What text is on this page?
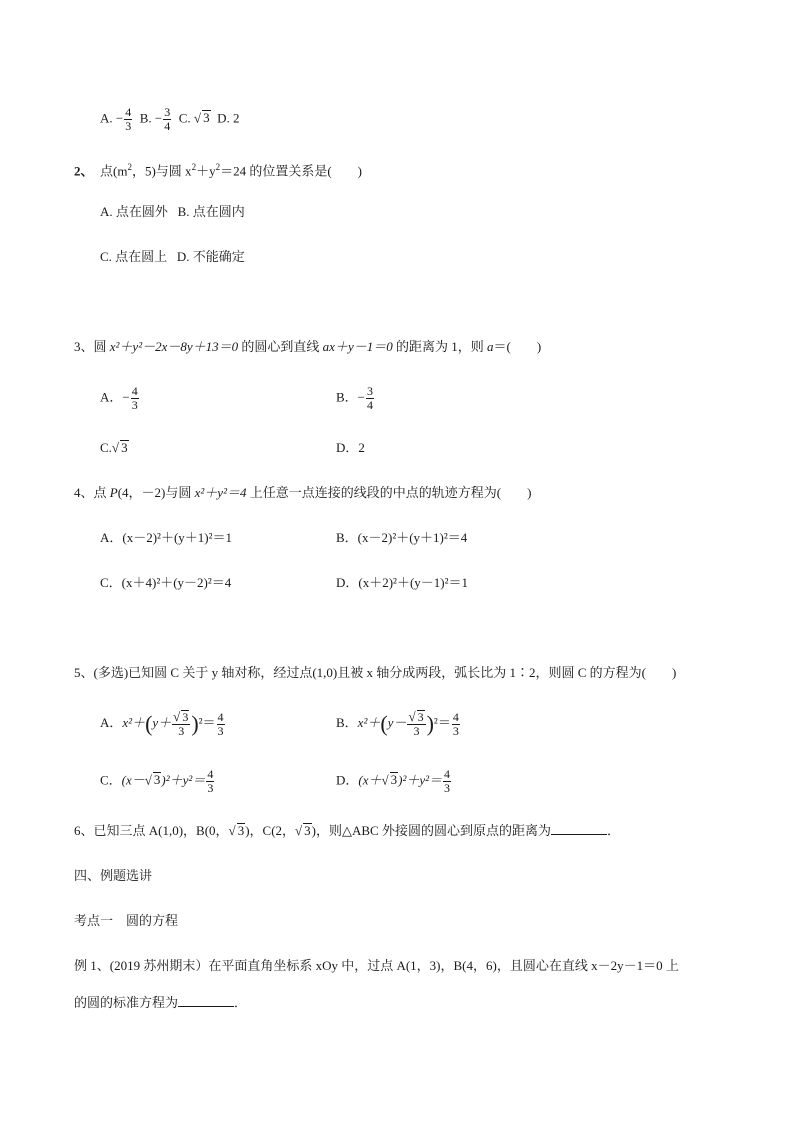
A. − $\frac{4}{3} B$. − $\frac{3}{4} C$. √ 3 D. 2
2、 点($m^2$，5)与圆 $x^2+y^2=24$ 的位置关系是(　　)
A. 点在圆外 B. 点在圆内
C. 点在圆上 D. 不能确定
3、圆 x²＋y²－2x－8y＋13＝0 的圆心到直线 ax＋y－1＝0 的距离为 1，则 a＝(　　)
A．− $\frac{4}{3}$	B．− $\frac{3}{4}$
C.√ 3	D．2
4、点 P(4，－2)与圆 x²＋y²＝4 上任意一点连接的线段的中点的轨迹方程为(　　)
A．(x－2)²＋(y＋1)²＝1	B．(x－2)²＋(y＋1)²＝4
C．(x＋4)²＋(y－2)²＝4	D．(x＋2)²＋(y－1)²＝1
5、(多选)已知圆 C 关于 y 轴对称，经过点(1,0)且被 x 轴分成两段，弧长比为 1∶2，则圆 C 的方程为(　　)
A．$x^2+(y+ \frac{√ 3}{3} )^2= \frac{4}{3}$	B．$x^2+(y- \frac{√ 3}{3} )^2= \frac{4}{3}$
C．(x－√ $3)^2+y^2= \frac{4}{3}$	D．(x＋√ $3)^2+y^2= \frac{4}{3}$
6、已知三点 A(1,0)，B(0，√ 3)，C(2，√ 3)，则△ABC 外接圆的圆心到原点的距离为	．
四、例题选讲
考点一　圆的方程
例 1、(2019 苏州期末）在平面直角坐标系 xOy 中，过点 A(1，3)，B(4，6)，且圆心在直线 x－2y－1＝0 上
的圆的标准方程为	．
